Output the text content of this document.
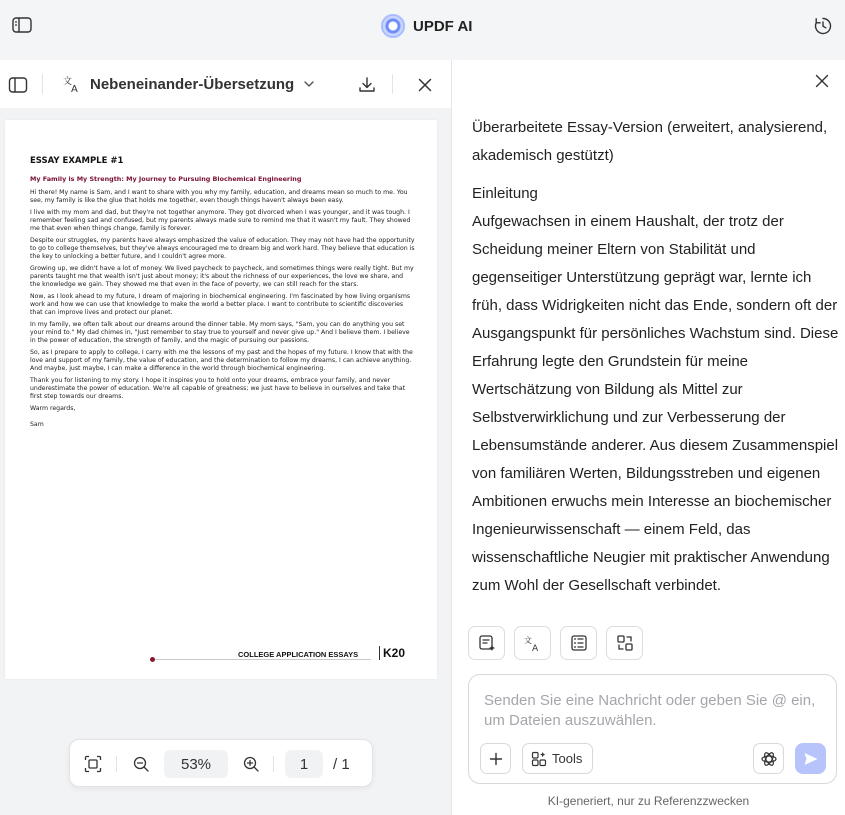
UPDF AI
文
A Nebeneinander-Übersetzung
ESSAY EXAMPLE #1
My Family is My Strength: My Journey to Pursuing Biochemical Engineering

Hi there! My name is Sam, and I want to share with you why my family, education, and dreams mean so much to me. You see, my family is like the glue that holds me together, even though things haven't always been easy.

I live with my mom and dad, but they're not together anymore. They got divorced when I was younger, and it was tough. I remember feeling sad and confused, but my parents always made sure to remind me that it wasn't my fault. They showed me that even when things change, family is forever.

Despite our struggles, my parents have always emphasized the value of education. They may not have had the opportunity to go to college themselves, but they've always encouraged me to dream big and work hard. They believe that education is the key to unlocking a better future, and I couldn't agree more.

Growing up, we didn't have a lot of money. We lived paycheck to paycheck, and sometimes things were really tight. But my parents taught me that wealth isn't just about money; it's about the richness of our experiences, the love we share, and the knowledge we gain. They showed me that even in the face of poverty, we can still reach for the stars.

Now, as I look ahead to my future, I dream of majoring in biochemical engineering. I'm fascinated by how living organisms work and how we can use that knowledge to make the world a better place. I want to contribute to scientific discoveries that can improve lives and protect our planet.

In my family, we often talk about our dreams around the dinner table. My mom says, "Sam, you can do anything you set your mind to." My dad chimes in, "Just remember to stay true to yourself and never give up." And I believe them. I believe in the power of education, the strength of family, and the magic of pursuing our passions.

So, as I prepare to apply to college, I carry with me the lessons of my past and the hopes of my future. I know that with the love and support of my family, the value of education, and the determination to follow my dreams, I can achieve anything. And maybe, just maybe, I can make a difference in the world through biochemical engineering.

Thank you for listening to my story. I hope it inspires you to hold onto your dreams, embrace your family, and never underestimate the power of education. We're all capable of greatness; we just have to believe in ourselves and take that first step towards our dreams.

Warm regards,

Sam

COLLEGE APPLICATION ESSAYS	K20
53%	1	/ 1

Überarbeitete Essay-Version (erweitert, analysierend, akademisch gestützt)

Einleitung

Aufgewachsen in einem Haushalt, der trotz der Scheidung meiner Eltern von Stabilität und gegenseitiger Unterstützung geprägt war, lernte ich früh, dass Widrigkeiten nicht das Ende, sondern oft der Ausgangspunkt für persönliches Wachstum sind. Diese Erfahrung legte den Grundstein für meine Wertschätzung von Bildung als Mittel zur Selbstverwirklichung und zur Verbesserung der Lebensumstände anderer. Aus diesem Zusammenspiel von familiären Werten, Bildungsstreben und eigenen Ambitionen erwuchs mein Interesse an biochemischer Ingenieurwissenschaft — einem Feld, das wissenschaftliche Neugier mit praktischer Anwendung zum Wohl der Gesellschaft verbindet.

文
A
Senden Sie eine Nachricht oder geben Sie @ ein, um Dateien auszuwählen.
Tools
KI-generiert, nur zu Referenzzwecken
